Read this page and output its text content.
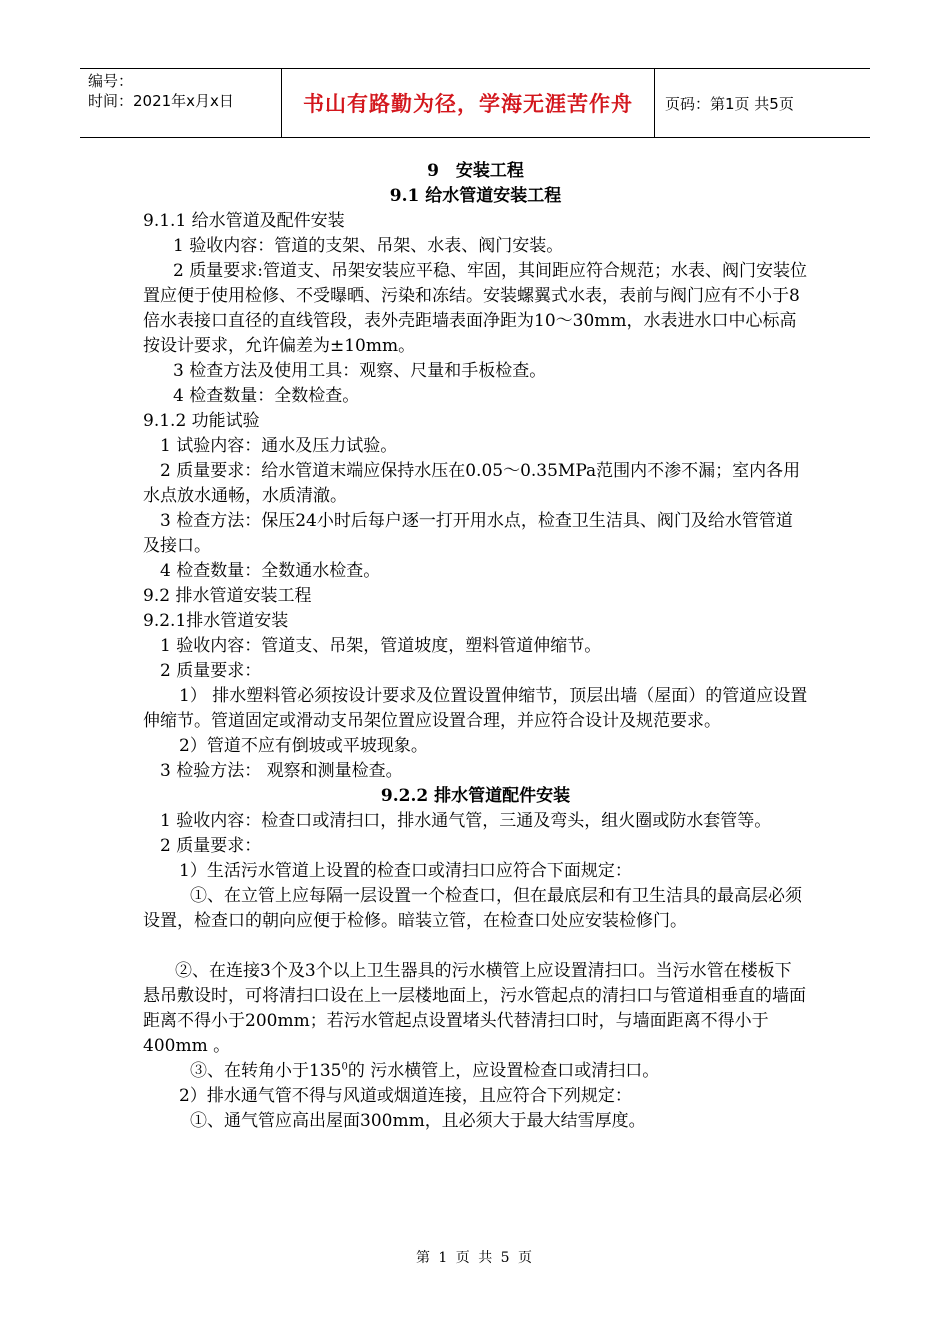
编号：
时间：2021年x月x日	书山有路勤为径，学海无涯苦作舟	页码：第1页 共5页

9　安装工程

9.1 给水管道安装工程

9.1.1 给水管道及配件安装

1 验收内容：管道的支架、吊架、水表、阀门安装。

2 质量要求:管道支、吊架安装应平稳、牢固，其间距应符合规范；水表、阀门安装位置应便于使用检修、不受曝晒、污染和冻结。安装螺翼式水表，表前与阀门应有不小于8倍水表接口直径的直线管段，表外壳距墙表面净距为10～30mm，水表进水口中心标高按设计要求，允许偏差为±10mm。

3 检查方法及使用工具：观察、尺量和手板检查。

4 检查数量：全数检查。

9.1.2 功能试验

1 试验内容：通水及压力试验。

2 质量要求：给水管道末端应保持水压在0.05～0.35MPa范围内不渗不漏；室内各用水点放水通畅，水质清澈。

3 检查方法：保压24小时后每户逐一打开用水点，检查卫生洁具、阀门及给水管管道及接口。

4 检查数量：全数通水检查。

9.2 排水管道安装工程

9.2.1排水管道安装

1 验收内容：管道支、吊架，管道坡度，塑料管道伸缩节。

2 质量要求：

1） 排水塑料管必须按设计要求及位置设置伸缩节，顶层出墙（屋面）的管道应设置伸缩节。管道固定或滑动支吊架位置应设置合理，并应符合设计及规范要求。

2）管道不应有倒坡或平坡现象。

3 检验方法： 观察和测量检查。

9.2.2 排水管道配件安装

1 验收内容：检查口或清扫口，排水通气管，三通及弯头，组火圈或防水套管等。

2 质量要求：

1）生活污水管道上设置的检查口或清扫口应符合下面规定：

①、在立管上应每隔一层设置一个检查口，但在最底层和有卫生洁具的最高层必须设置，检查口的朝向应便于检修。暗装立管，在检查口处应安装检修门。

②、在连接3个及3个以上卫生器具的污水横管上应设置清扫口。当污水管在楼板下悬吊敷设时，可将清扫口设在上一层楼地面上，污水管起点的清扫口与管道相垂直的墙面距离不得小于200mm；若污水管起点设置堵头代替清扫口时，与墙面距离不得小于400mm 。

③、在转角小于$135^0$的 污水横管上，应设置检查口或清扫口。

2）排水通气管不得与风道或烟道连接，且应符合下列规定：

①、通气管应高出屋面300mm，且必须大于最大结雪厚度。

第 1 页 共 5 页
